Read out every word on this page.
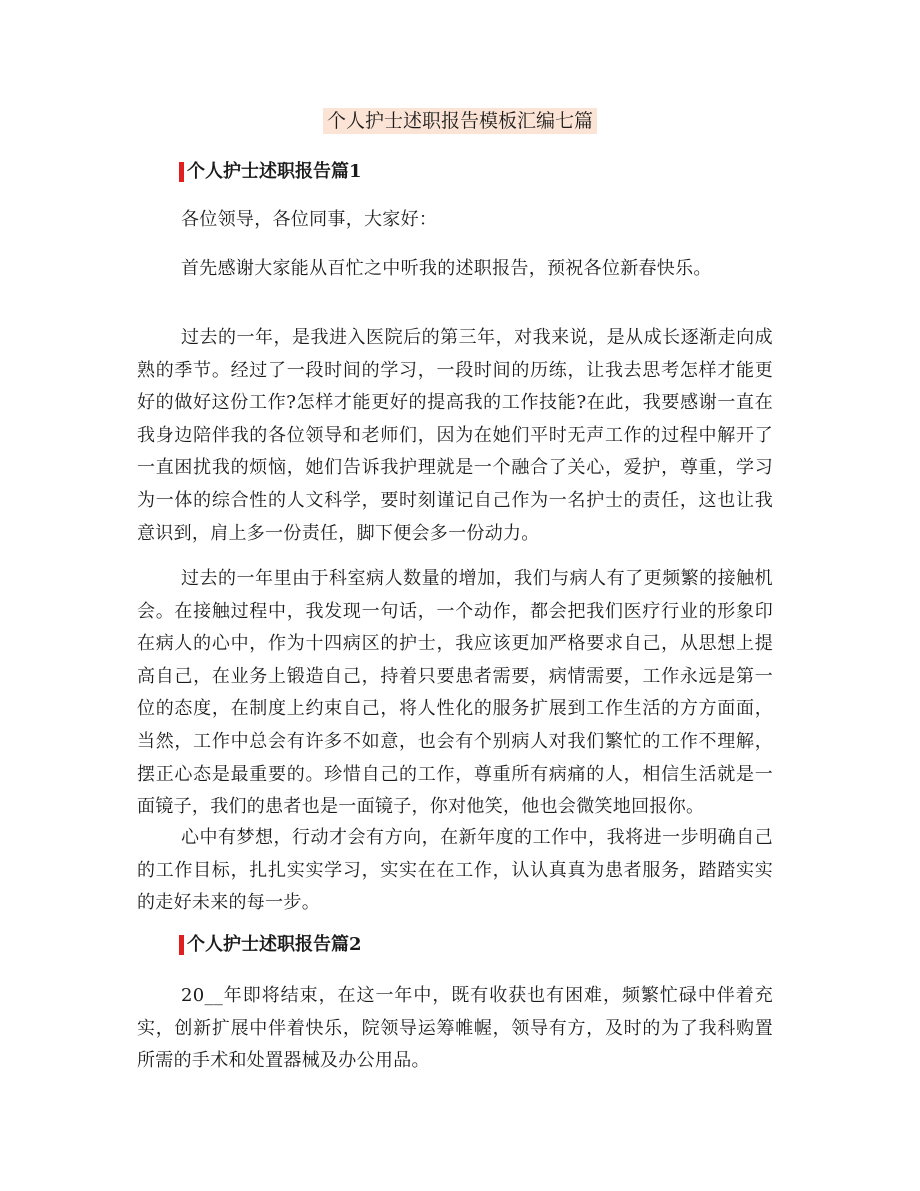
个人护士述职报告模板汇编七篇
个人护士述职报告篇1

各位领导，各位同事，大家好：

首先感谢大家能从百忙之中听我的述职报告，预祝各位新春快乐。

过去的一年，是我进入医院后的第三年，对我来说，是从成长逐渐走向成熟的季节。经过了一段时间的学习，一段时间的历练，让我去思考怎样才能更好的做好这份工作?怎样才能更好的提高我的工作技能?在此，我要感谢一直在我身边陪伴我的各位领导和老师们，因为在她们平时无声工作的过程中解开了一直困扰我的烦恼，她们告诉我护理就是一个融合了关心，爱护，尊重，学习为一体的综合性的人文科学，要时刻谨记自己作为一名护士的责任，这也让我意识到，肩上多一份责任，脚下便会多一份动力。

过去的一年里由于科室病人数量的增加，我们与病人有了更频繁的接触机会。在接触过程中，我发现一句话，一个动作，都会把我们医疗行业的形象印在病人的心中，作为十四病区的护士，我应该更加严格要求自己，从思想上提高自己，在业务上锻造自己，持着只要患者需要，病情需要，工作永远是第一位的态度，在制度上约束自己，将人性化的服务扩展到工作生活的方方面面，当然，工作中总会有许多不如意，也会有个别病人对我们繁忙的工作不理解，摆正心态是最重要的。珍惜自己的工作，尊重所有病痛的人，相信生活就是一面镜子，我们的患者也是一面镜子，你对他笑，他也会微笑地回报你。

心中有梦想，行动才会有方向，在新年度的工作中，我将进一步明确自己的工作目标，扎扎实实学习，实实在在工作，认认真真为患者服务，踏踏实实的走好未来的每一步。

个人护士述职报告篇2

20__年即将结束，在这一年中，既有收获也有困难，频繁忙碌中伴着充实，创新扩展中伴着快乐，院领导运筹帷幄，领导有方，及时的为了我科购置所需的手术和处置器械及办公用品。
